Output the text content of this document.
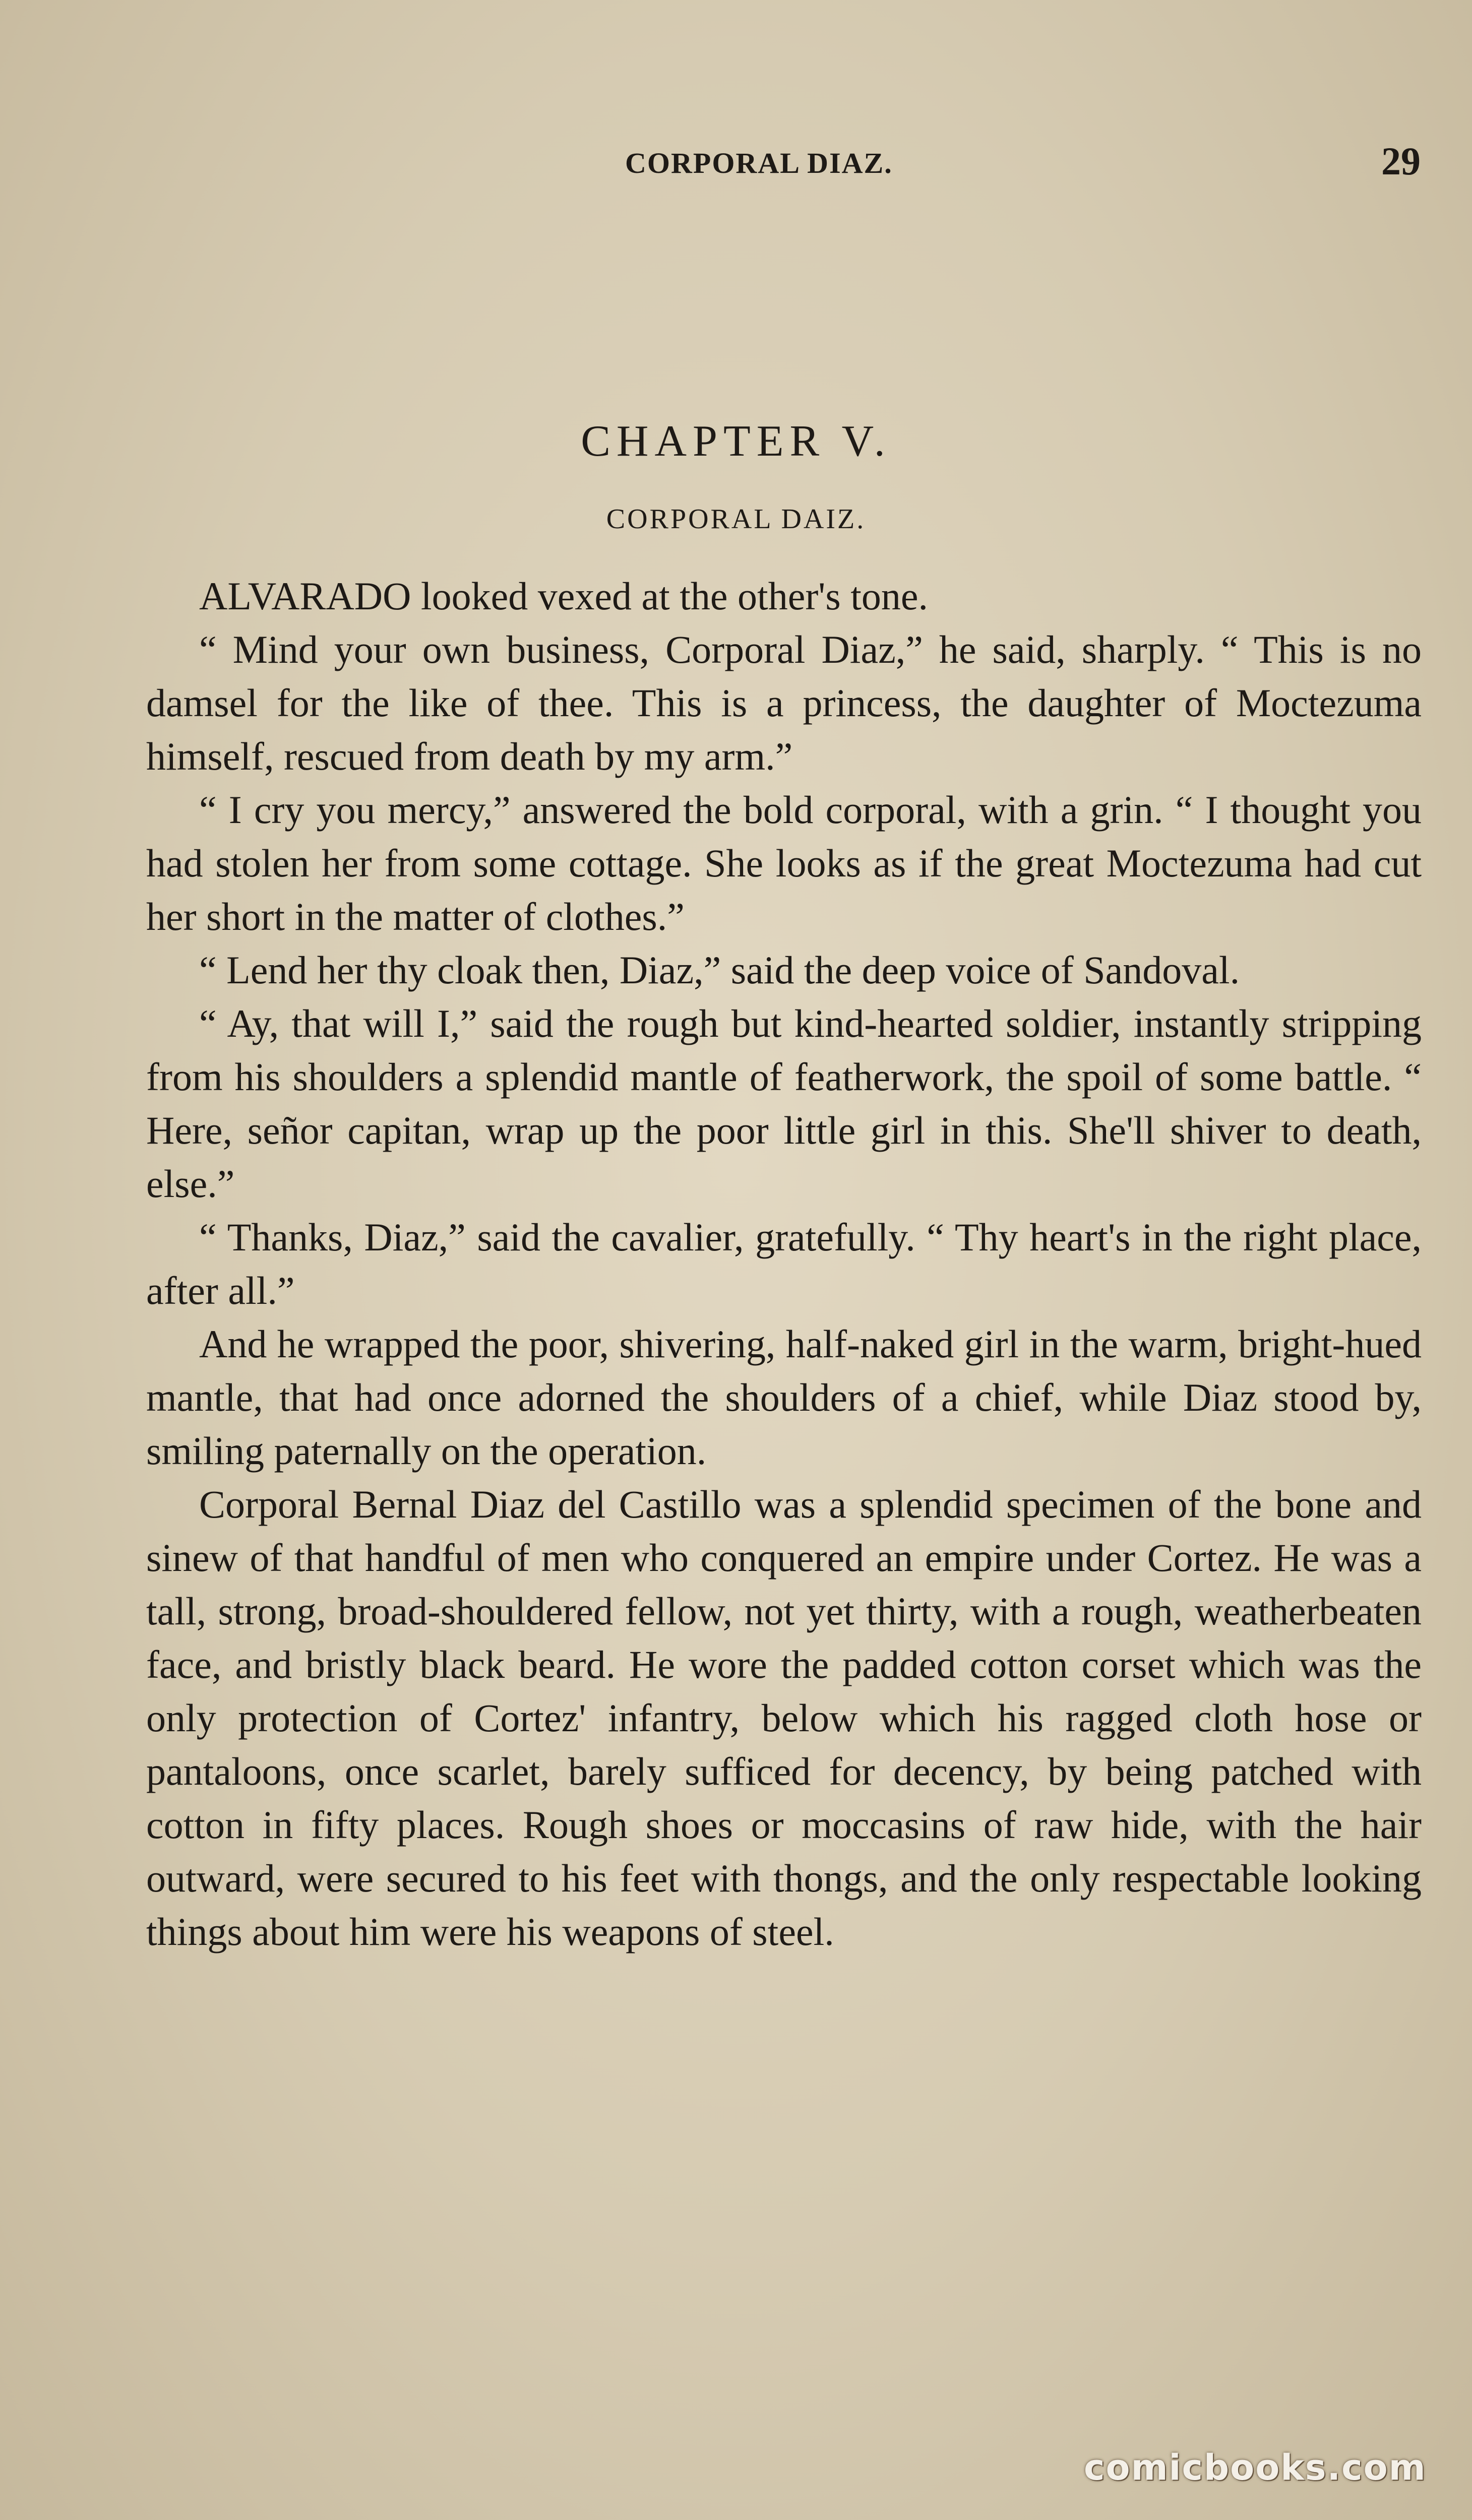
CORPORAL DIAZ.	29
CHAPTER V.
CORPORAL DAIZ.

ALVARADO looked vexed at the other's tone.

“ Mind your own business, Corporal Diaz,” he said, sharply. “ This is no damsel for the like of thee. This is a princess, the daughter of Moctezuma himself, rescued from death by my arm.”

“ I cry you mercy,” answered the bold corporal, with a grin. “ I thought you had stolen her from some cottage. She looks as if the great Moctezuma had cut her short in the matter of clothes.”

“ Lend her thy cloak then, Diaz,” said the deep voice of Sandoval.

“ Ay, that will I,” said the rough but kind-hearted soldier, instantly stripping from his shoulders a splendid mantle of featherwork, the spoil of some battle. “ Here, señor capitan, wrap up the poor little girl in this. She'll shiver to death, else.”

“ Thanks, Diaz,” said the cavalier, gratefully. “ Thy heart's in the right place, after all.”

And he wrapped the poor, shivering, half-naked girl in the warm, bright-hued mantle, that had once adorned the shoulders of a chief, while Diaz stood by, smiling paternally on the operation.

Corporal Bernal Diaz del Castillo was a splendid specimen of the bone and sinew of that handful of men who conquered an empire under Cortez. He was a tall, strong, broad-shouldered fellow, not yet thirty, with a rough, weatherbeaten face, and bristly black beard. He wore the padded cotton corset which was the only protection of Cortez' infantry, below which his ragged cloth hose or pantaloons, once scarlet, barely sufficed for decency, by being patched with cotton in fifty places. Rough shoes or moccasins of raw hide, with the hair outward, were secured to his feet with thongs, and the only respectable looking things about him were his weapons of steel.

comicbooks.com
